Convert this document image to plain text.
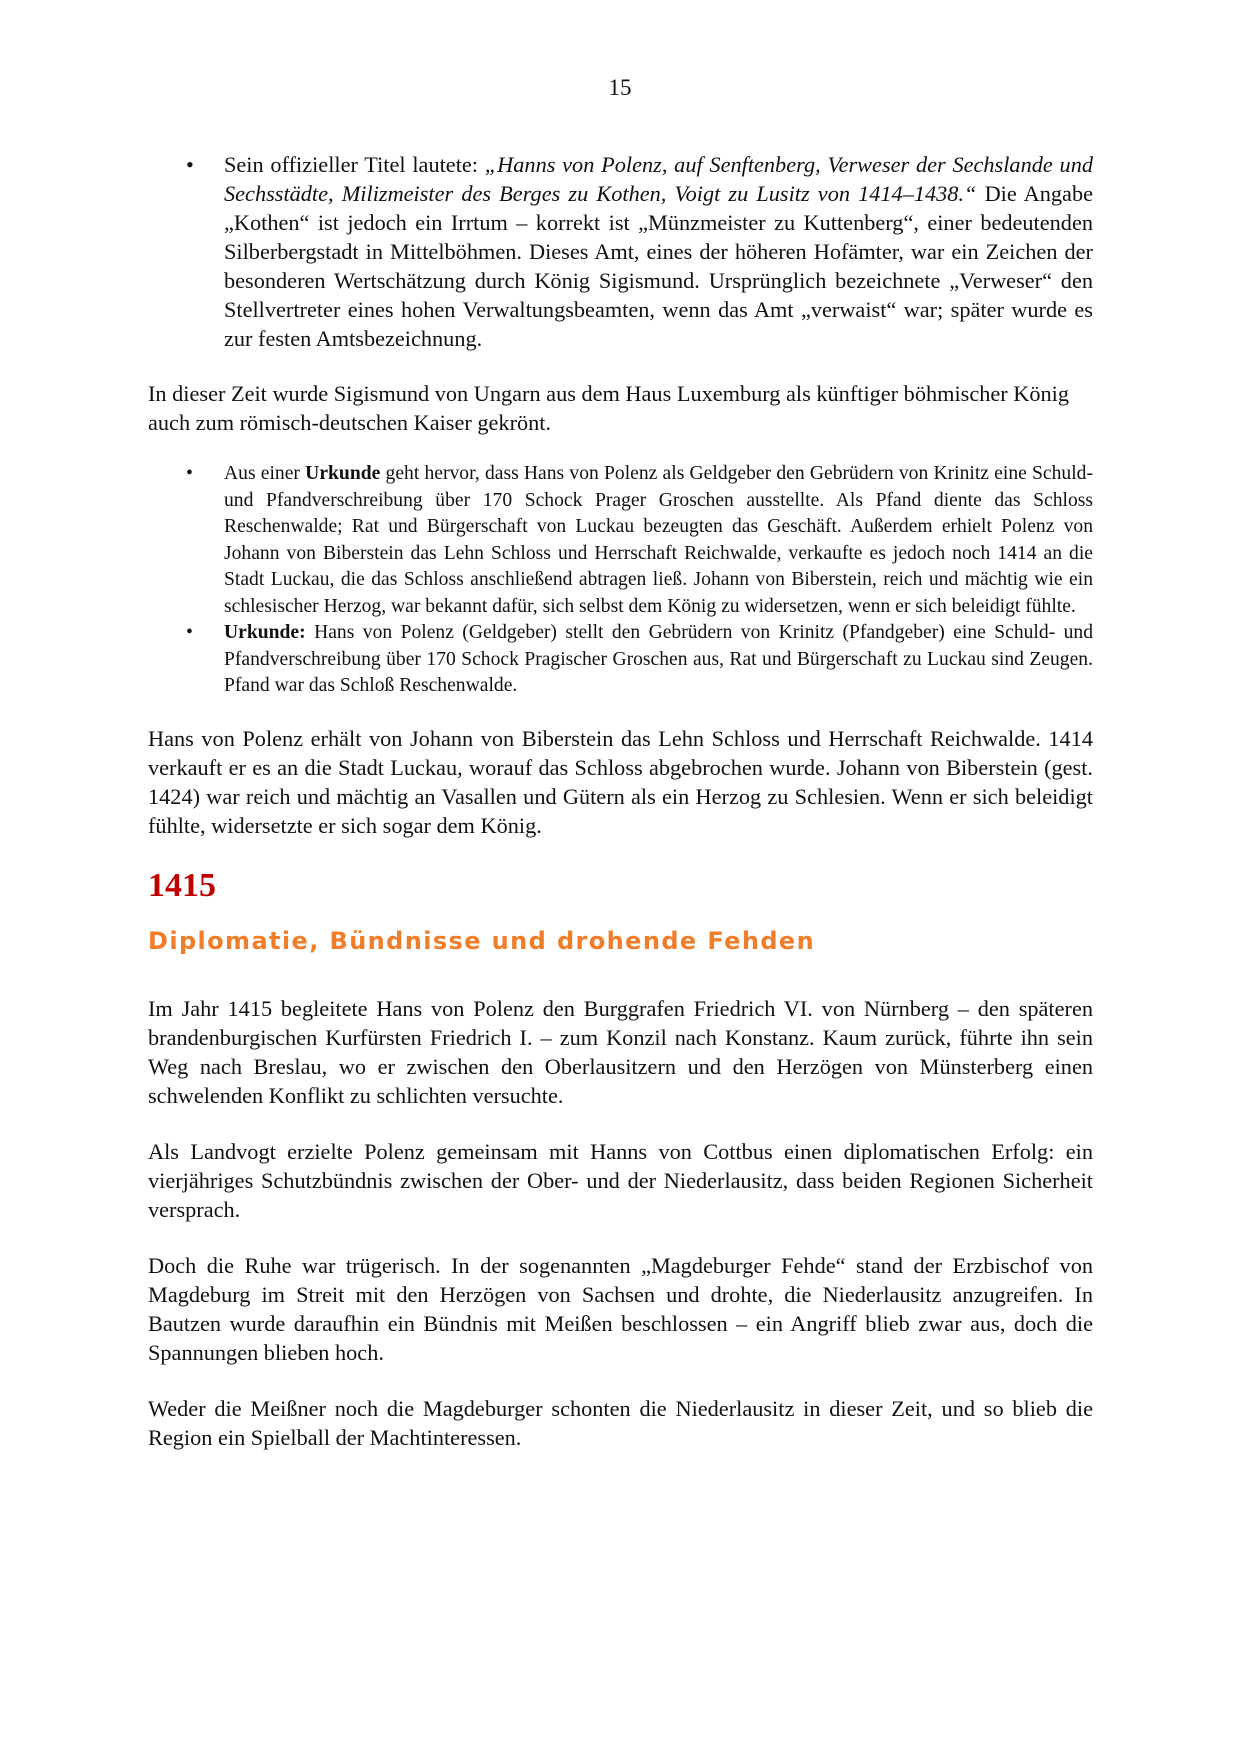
15
• Sein offizieller Titel lautete: „Hanns von Polenz, auf Senftenberg, Verweser der Sechslande und Sechsstädte, Milizmeister des Berges zu Kothen, Voigt zu Lusitz von 1414–1438.“ Die Angabe „Kothen“ ist jedoch ein Irrtum – korrekt ist „Münzmeister zu Kuttenberg“, einer bedeutenden Silberbergstadt in Mittelböhmen. Dieses Amt, eines der höheren Hofämter, war ein Zeichen der besonderen Wertschätzung durch König Sigismund. Ursprünglich bezeichnete „Verweser“ den Stellvertreter eines hohen Verwaltungsbeamten, wenn das Amt „verwaist“ war; später wurde es zur festen Amtsbezeichnung.

In dieser Zeit wurde Sigismund von Ungarn aus dem Haus Luxemburg als künftiger böhmischer König auch zum römisch-deutschen Kaiser gekrönt.

• Aus einer Urkunde geht hervor, dass Hans von Polenz als Geldgeber den Gebrüdern von Krinitz eine Schuld- und Pfandverschreibung über 170 Schock Prager Groschen ausstellte. Als Pfand diente das Schloss Reschenwalde; Rat und Bürgerschaft von Luckau bezeugten das Geschäft. Außerdem erhielt Polenz von Johann von Biberstein das Lehn Schloss und Herrschaft Reichwalde, verkaufte es jedoch noch 1414 an die Stadt Luckau, die das Schloss anschließend abtragen ließ. Johann von Biberstein, reich und mächtig wie ein schlesischer Herzog, war bekannt dafür, sich selbst dem König zu widersetzen, wenn er sich beleidigt fühlte.
• Urkunde: Hans von Polenz (Geldgeber) stellt den Gebrüdern von Krinitz (Pfandgeber) eine Schuld- und Pfandverschreibung über 170 Schock Pragischer Groschen aus, Rat und Bürgerschaft zu Luckau sind Zeugen. Pfand war das Schloß Reschenwalde.

Hans von Polenz erhält von Johann von Biberstein das Lehn Schloss und Herrschaft Reichwalde. 1414 verkauft er es an die Stadt Luckau, worauf das Schloss abgebrochen wurde. Johann von Biberstein (gest. 1424) war reich und mächtig an Vasallen und Gütern als ein Herzog zu Schlesien. Wenn er sich beleidigt fühlte, widersetzte er sich sogar dem König.

1415
Diplomatie, Bündnisse und drohende Fehden

Im Jahr 1415 begleitete Hans von Polenz den Burggrafen Friedrich VI. von Nürnberg – den späteren brandenburgischen Kurfürsten Friedrich I. – zum Konzil nach Konstanz. Kaum zurück, führte ihn sein Weg nach Breslau, wo er zwischen den Oberlausitzern und den Herzögen von Münsterberg einen schwelenden Konflikt zu schlichten versuchte.

Als Landvogt erzielte Polenz gemeinsam mit Hanns von Cottbus einen diplomatischen Erfolg: ein vierjähriges Schutzbündnis zwischen der Ober- und der Niederlausitz, dass beiden Regionen Sicherheit versprach.

Doch die Ruhe war trügerisch. In der sogenannten „Magdeburger Fehde“ stand der Erzbischof von Magdeburg im Streit mit den Herzögen von Sachsen und drohte, die Niederlausitz anzugreifen. In Bautzen wurde daraufhin ein Bündnis mit Meißen beschlossen – ein Angriff blieb zwar aus, doch die Spannungen blieben hoch.

Weder die Meißner noch die Magdeburger schonten die Niederlausitz in dieser Zeit, und so blieb die Region ein Spielball der Machtinteressen.
